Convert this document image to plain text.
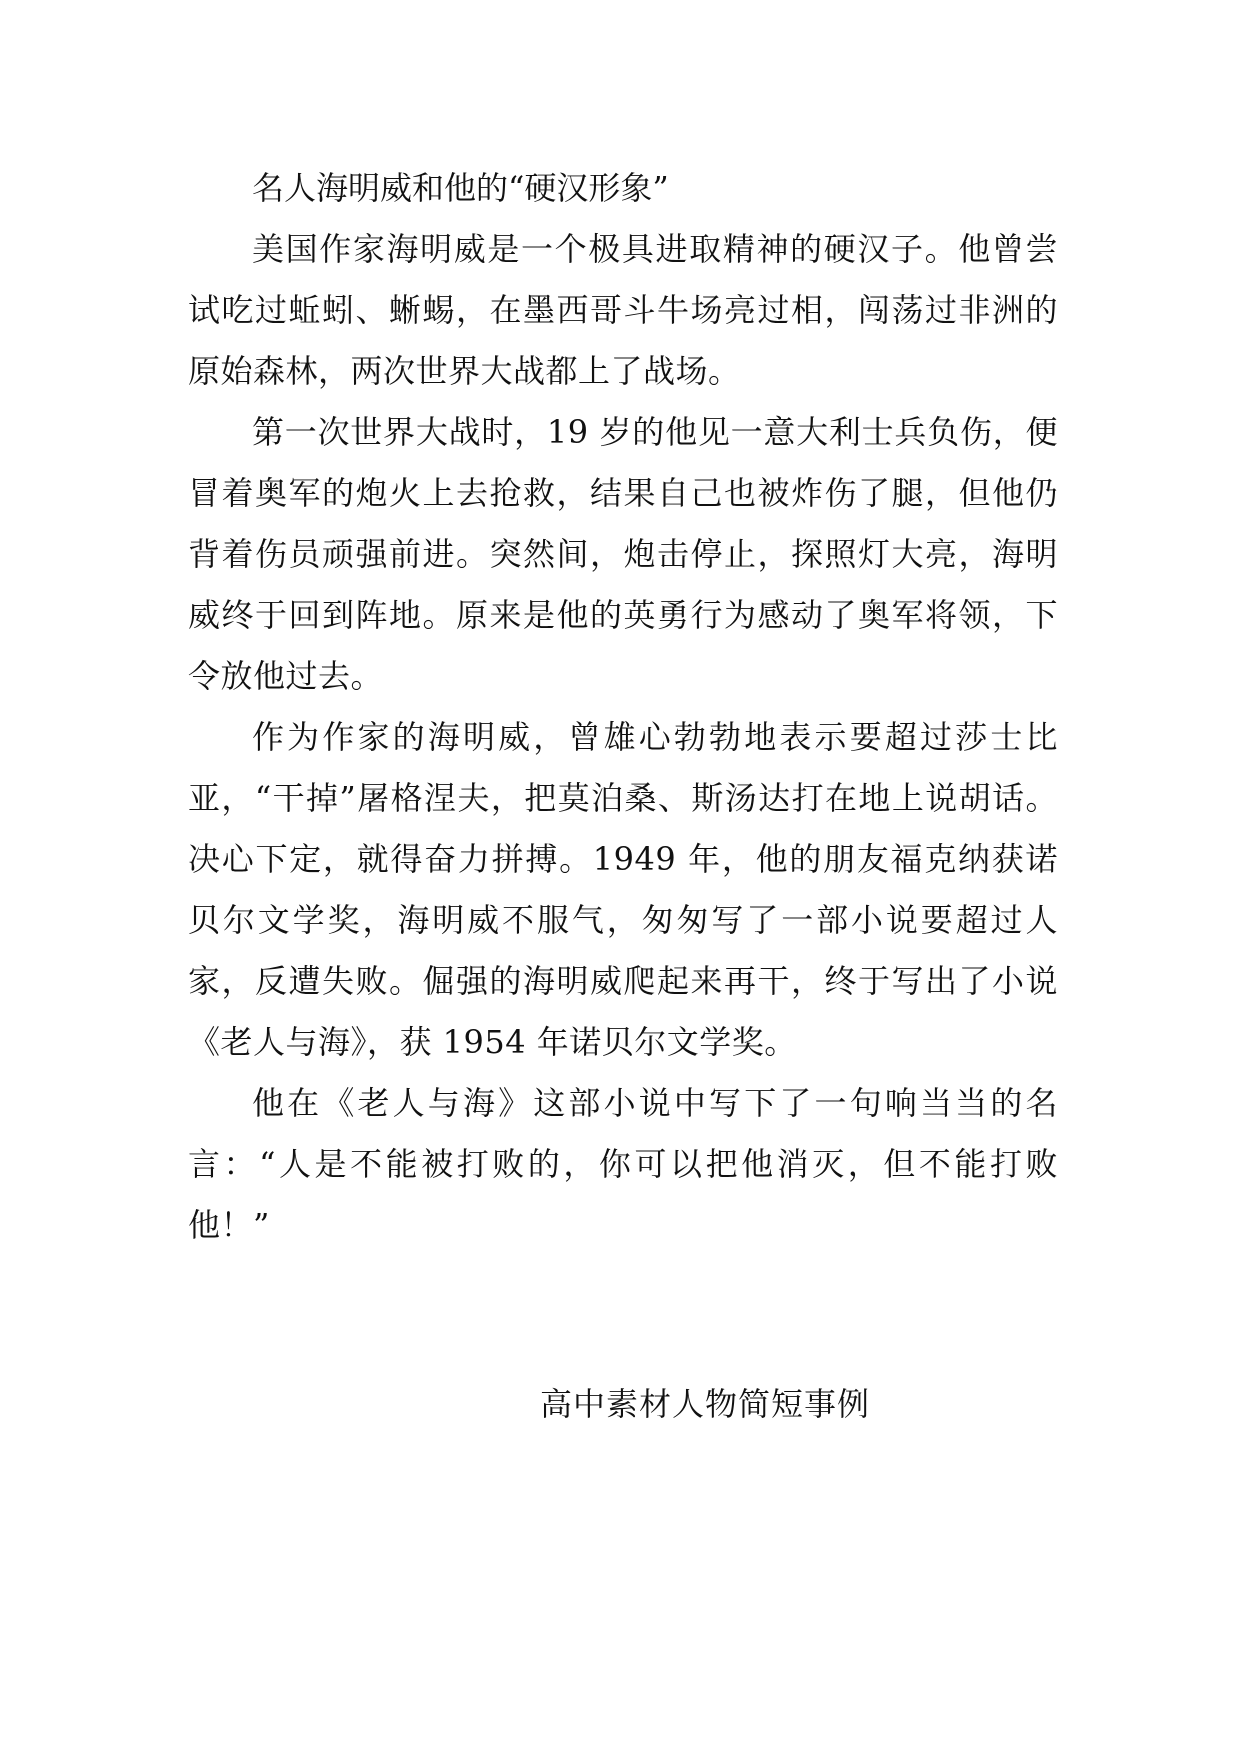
名人海明威和他的“硬汉形象”

美国作家海明威是一个极具进取精神的硬汉子。他曾尝试吃过蚯蚓、蜥蜴，在墨西哥斗牛场亮过相，闯荡过非洲的原始森林，两次世界大战都上了战场。

第一次世界大战时，19 岁的他见一意大利士兵负伤，便冒着奥军的炮火上去抢救，结果自己也被炸伤了腿，但他仍背着伤员顽强前进。突然间，炮击停止，探照灯大亮，海明威终于回到阵地。原来是他的英勇行为感动了奥军将领，下令放他过去。

作为作家的海明威，曾雄心勃勃地表示要超过莎士比亚，“干掉”屠格涅夫，把莫泊桑、斯汤达打在地上说胡话。决心下定，就得奋力拼搏。1949 年，他的朋友福克纳获诺贝尔文学奖，海明威不服气，匆匆写了一部小说要超过人家，反遭失败。倔强的海明威爬起来再干，终于写出了小说《老人与海》，获 1954 年诺贝尔文学奖。

他在《老人与海》这部小说中写下了一句响当当的名言：“人是不能被打败的，你可以把他消灭，但不能打败他！”

高中素材人物简短事例
